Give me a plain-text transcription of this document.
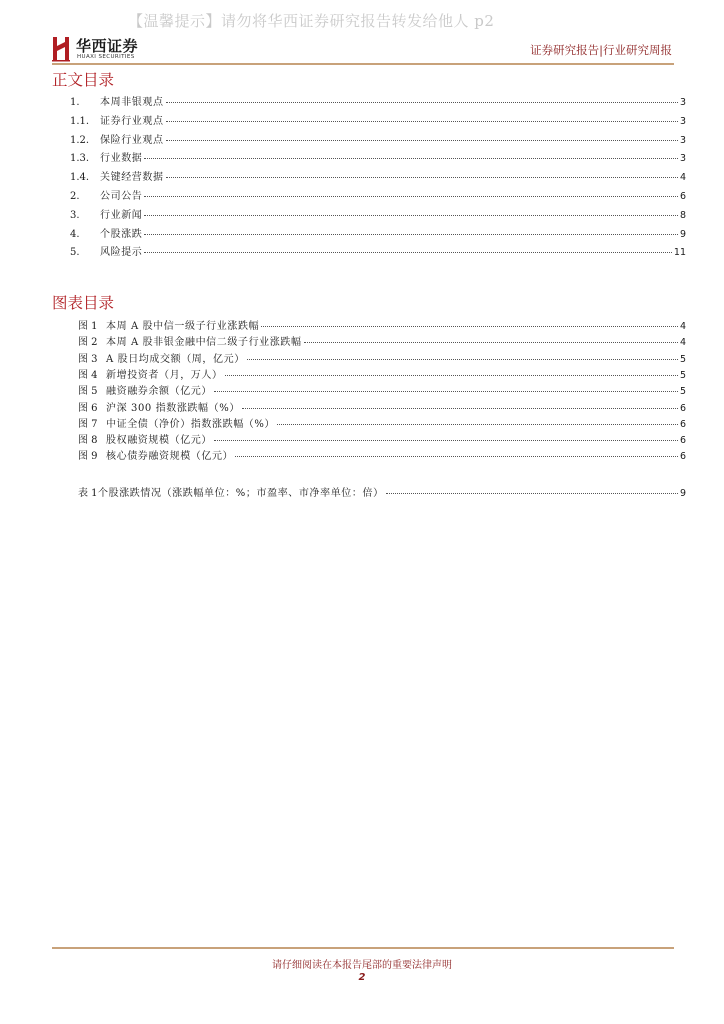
【温馨提示】请勿将华西证券研究报告转发给他人 p2
华西证券
HUAXI SECURITIES	证券研究报告|行业研究周报
正文目录
1.	本周非银观点	3
1.1.	证券行业观点	3
1.2.	保险行业观点	3
1.3.	行业数据	3
1.4.	关键经营数据	4
2.	公司公告	6
3.	行业新闻	8
4.	个股涨跌	9
5.	风险提示	11
图表目录
图 1 本周 A 股中信一级子行业涨跌幅	4
图 2 本周 A 股非银金融中信二级子行业涨跌幅	4
图 3 A 股日均成交额（周，亿元）	5
图 4 新增投资者（月，万人）	5
图 5 融资融券余额（亿元）	5
图 6 沪深 300 指数涨跌幅（%）	6
图 7 中证全债（净价）指数涨跌幅（%）	6
图 8 股权融资规模（亿元）	6
图 9 核心债券融资规模（亿元）	6
表 1 个股涨跌情况（涨跌幅单位：%；市盈率、市净率单位：倍）	9
请仔细阅读在本报告尾部的重要法律声明
2
